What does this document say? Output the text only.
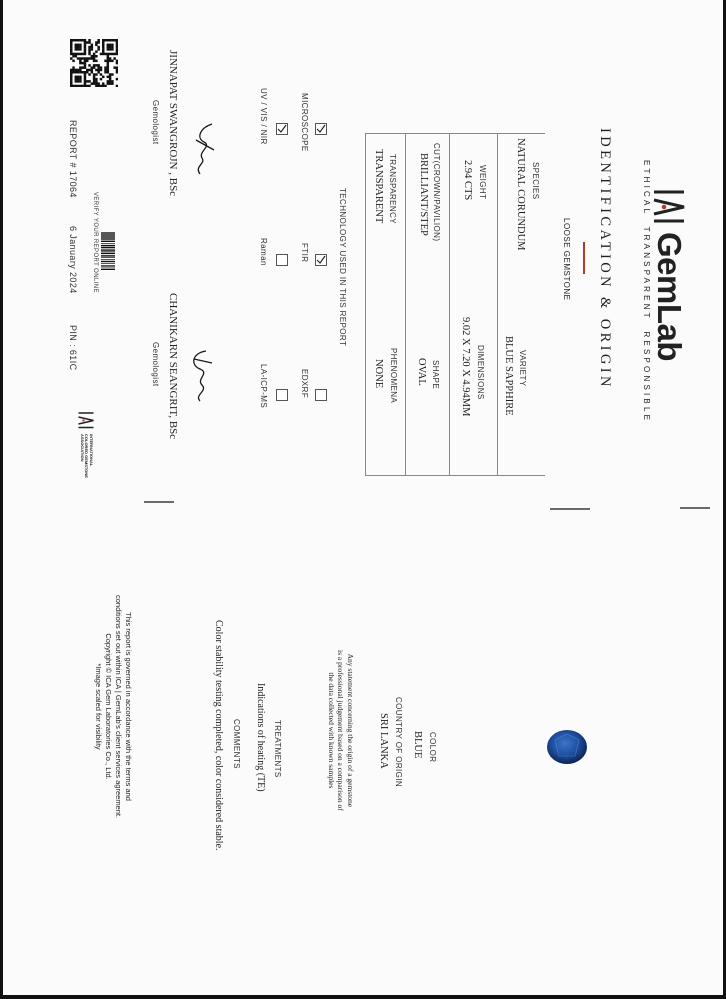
GemLab
ETHICAL  TRANSPARENT  RESPONSIBLE
IDENTIFICATION & ORIGIN
LOOSE GEMSTONE
SPECIES
NATURAL CORUNDUM
WEIGHT
2.94 CTS
CUT(CROWN/PAVILION)
BRILLIANT/STEP
TRANSPARENCY
TRANSPARENT
VARIETY
BLUE SAPPHIRE
DIMENSIONS
9.02 X 7.20 X 4.94MM
SHAPE
OVAL
PHENOMENA
NONE
TECHNOLOGY USED IN THIS REPORT
MICROSCOPE
FTIR
EDXRF
UV / VIS / NIR
Raman
LA-ICP-MS
JINNAPAT SWANGROJN , BSc
Gemologist
CHANIKARN SEANGRIT, BSc
Gemologist
REPORT # 17064
6 January 2024
PIN : 61IC
VERIFY YOUR REPORT ONLINE
INTERNATIONAL
COLORED GEMSTONE
ASSOCIATION
COLOR
BLUE
COUNTRY OF ORIGIN
SRI LANKA
Any statement concerning the origin of a gemstone
is a professional judgement based on a comparison of
the data collected with known samples
TREATMENTS
Indications of heating (TE)
COMMENTS
Color stability testing completed, color considered stable.
This report is governed in accordance with the terms and
conditions set out within ICA | GemLab's client services agreement.
Copyright © ICA Gem Laboratories Co., Ltd.
*Image scaled for visibility
